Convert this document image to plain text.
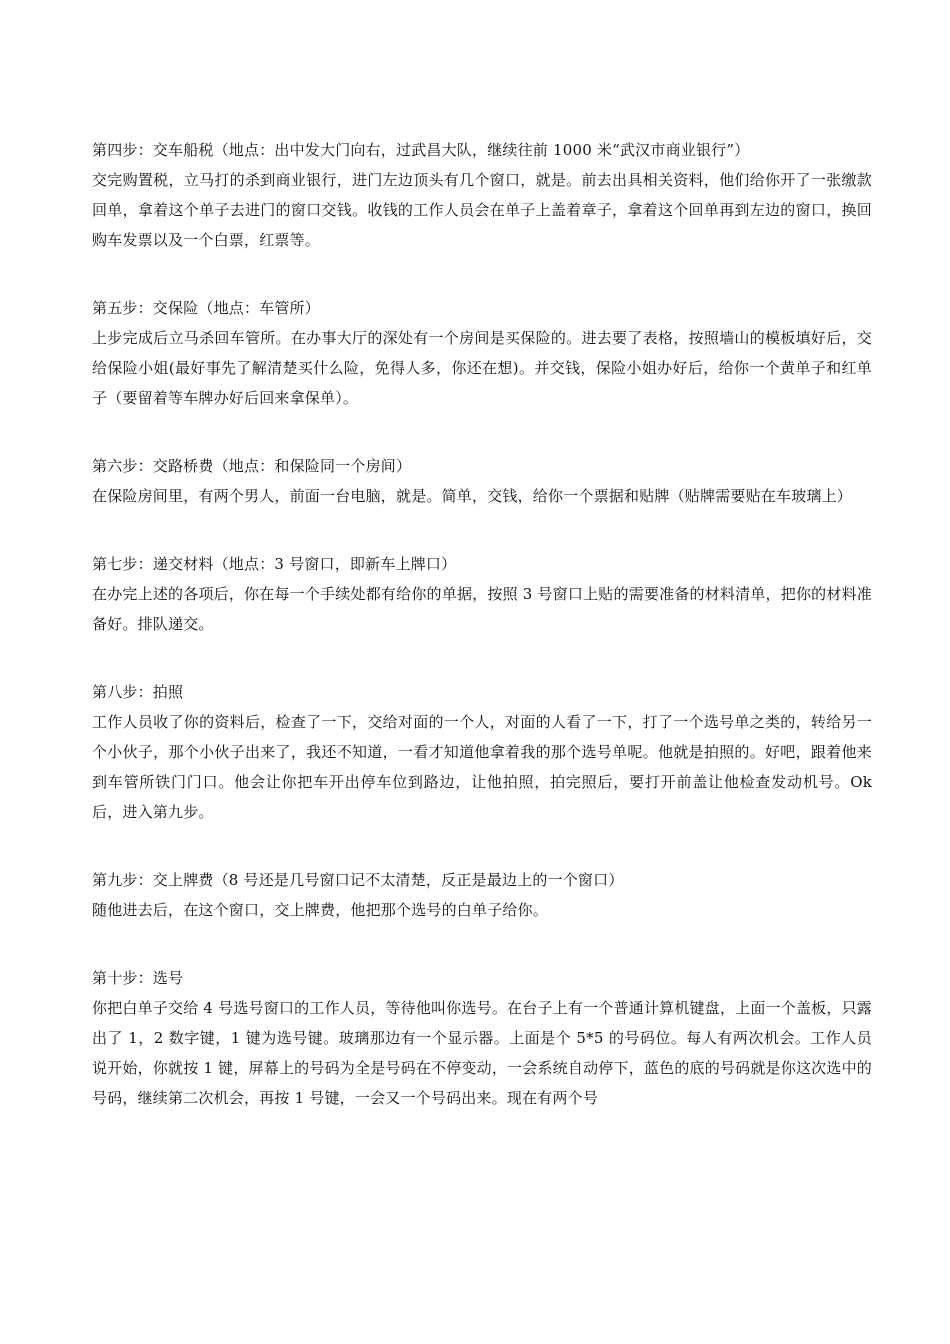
第四步：交车船税（地点：出中发大门向右，过武昌大队，继续往前 1000 米“武汉市商业银行”）

交完购置税，立马打的杀到商业银行，进门左边顶头有几个窗口，就是。前去出具相关资料，他们给你开了一张缴款回单，拿着这个单子去进门的窗口交钱。收钱的工作人员会在单子上盖着章子，拿着这个回单再到左边的窗口，换回购车发票以及一个白票，红票等。

第五步：交保险（地点：车管所）

上步完成后立马杀回车管所。在办事大厅的深处有一个房间是买保险的。进去要了表格，按照墙山的模板填好后，交给保险小姐(最好事先了解清楚买什么险，免得人多，你还在想)。并交钱，保险小姐办好后，给你一个黄单子和红单子（要留着等车牌办好后回来拿保单）。

第六步：交路桥费（地点：和保险同一个房间）

在保险房间里，有两个男人，前面一台电脑，就是。简单，交钱，给你一个票据和贴牌（贴牌需要贴在车玻璃上）

第七步：递交材料（地点：3 号窗口，即新车上牌口）

在办完上述的各项后，你在每一个手续处都有给你的单据，按照 3 号窗口上贴的需要准备的材料清单，把你的材料准备好。排队递交。

第八步：拍照

工作人员收了你的资料后，检查了一下，交给对面的一个人，对面的人看了一下，打了一个选号单之类的，转给另一个小伙子，那个小伙子出来了，我还不知道，一看才知道他拿着我的那个选号单呢。他就是拍照的。好吧，跟着他来到车管所铁门门口。他会让你把车开出停车位到路边，让他拍照，拍完照后，要打开前盖让他检查发动机号。Ok 后，进入第九步。

第九步：交上牌费（8 号还是几号窗口记不太清楚，反正是最边上的一个窗口）

随他进去后，在这个窗口，交上牌费，他把那个选号的白单子给你。

第十步：选号

你把白单子交给 4 号选号窗口的工作人员，等待他叫你选号。在台子上有一个普通计算机键盘，上面一个盖板，只露出了 1，2 数字键，1 键为选号键。玻璃那边有一个显示器。上面是个 5*5 的号码位。每人有两次机会。工作人员说开始，你就按 1 键，屏幕上的号码为全是号码在不停变动，一会系统自动停下，蓝色的底的号码就是你这次选中的号码，继续第二次机会，再按 1 号键，一会又一个号码出来。现在有两个号
